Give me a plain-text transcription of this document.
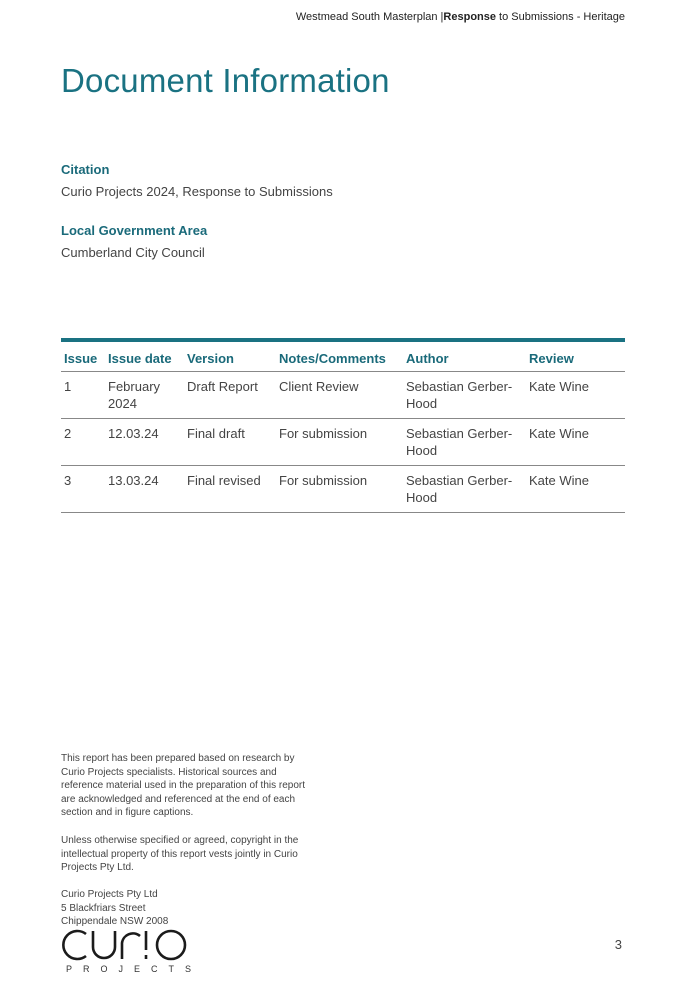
Westmead South Masterplan |Response to Submissions - Heritage
Document Information
Citation
Curio Projects 2024, Response to Submissions
Local Government Area
Cumberland City Council
Issue	Issue date	Version	Notes/Comments	Author	Review
1	February 2024	Draft Report	Client Review	Sebastian Gerber-Hood	Kate Wine
2	12.03.24	Final draft	For submission	Sebastian Gerber-Hood	Kate Wine
3	13.03.24	Final revised	For submission	Sebastian Gerber-Hood	Kate Wine
This report has been prepared based on research by Curio Projects specialists. Historical sources and reference material used in the preparation of this report are acknowledged and referenced at the end of each section and in figure captions.
Unless otherwise specified or agreed, copyright in the intellectual property of this report vests jointly in Curio Projects Pty Ltd.
Curio Projects Pty Ltd
5 Blackfriars Street
Chippendale NSW 2008
PROJECTS
3
